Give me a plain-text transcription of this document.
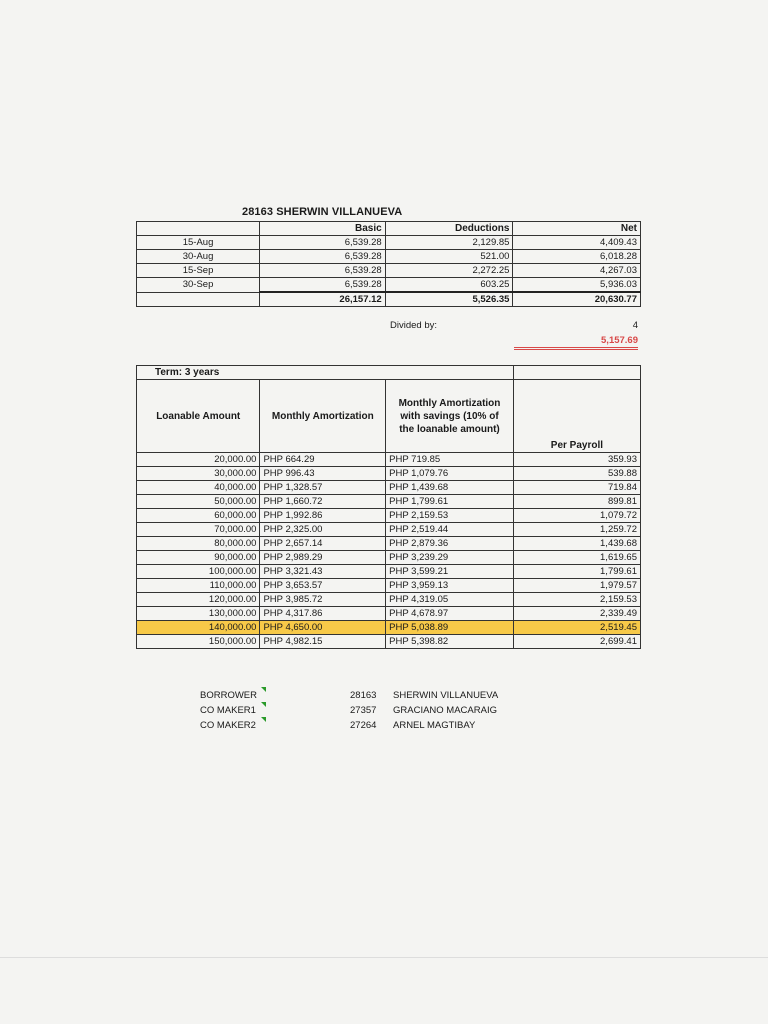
28163 SHERWIN VILLANUEVA
	Basic	Deductions	Net
15-Aug	6,539.28	2,129.85	4,409.43
30-Aug	6,539.28	521.00	6,018.28
15-Sep	6,539.28	2,272.25	4,267.03
30-Sep	6,539.28	603.25	5,936.03
	26,157.12	5,526.35	20,630.77
Divided by:	4
5,157.69
Term: 3 years			
Loanable Amount	Monthly Amortization	Monthly Amortization
with savings (10% of
the loanable amount)	Per Payroll
20,000.00	PHP 664.29	PHP 719.85	359.93
30,000.00	PHP 996.43	PHP 1,079.76	539.88
40,000.00	PHP 1,328.57	PHP 1,439.68	719.84
50,000.00	PHP 1,660.72	PHP 1,799.61	899.81
60,000.00	PHP 1,992.86	PHP 2,159.53	1,079.72
70,000.00	PHP 2,325.00	PHP 2,519.44	1,259.72
80,000.00	PHP 2,657.14	PHP 2,879.36	1,439.68
90,000.00	PHP 2,989.29	PHP 3,239.29	1,619.65
100,000.00	PHP 3,321.43	PHP 3,599.21	1,799.61
110,000.00	PHP 3,653.57	PHP 3,959.13	1,979.57
120,000.00	PHP 3,985.72	PHP 4,319.05	2,159.53
130,000.00	PHP 4,317.86	PHP 4,678.97	2,339.49
140,000.00	PHP 4,650.00	PHP 5,038.89	2,519.45
150,000.00	PHP 4,982.15	PHP 5,398.82	2,699.41
BORROWER	28163 SHERWIN VILLANUEVA
CO MAKER1	27357 GRACIANO MACARAIG
CO MAKER2	27264 ARNEL MAGTIBAY
